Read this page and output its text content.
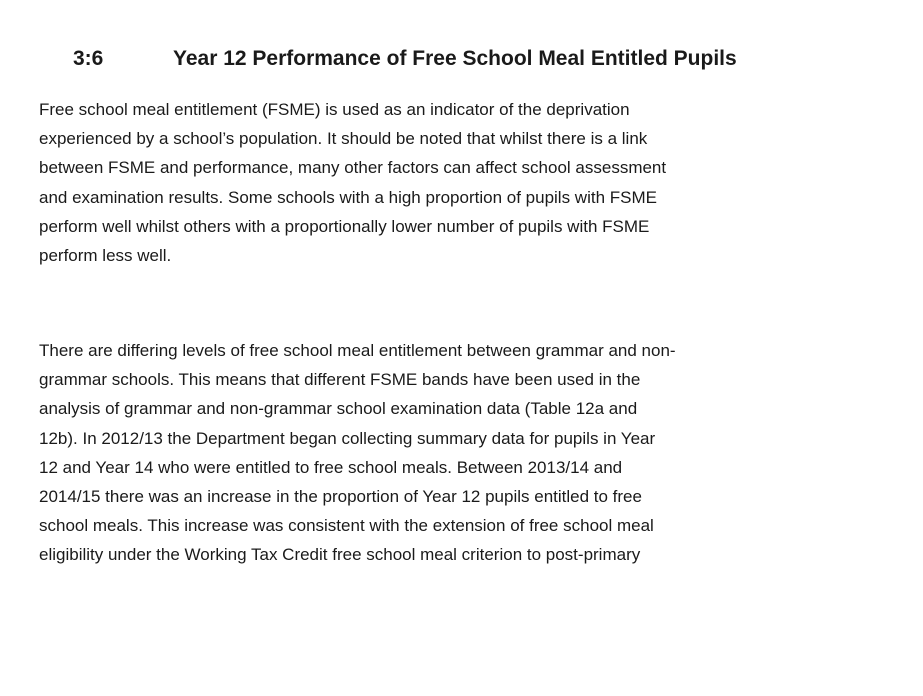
3:6	Year 12 Performance of Free School Meal Entitled Pupils

Free school meal entitlement (FSME) is used as an indicator of the deprivation
experienced by a school’s population. It should be noted that whilst there is a link
between FSME and performance, many other factors can affect school assessment
and examination results. Some schools with a high proportion of pupils with FSME
perform well whilst others with a proportionally lower number of pupils with FSME
perform less well.

There are differing levels of free school meal entitlement between grammar and non-
grammar schools. This means that different FSME bands have been used in the
analysis of grammar and non-grammar school examination data (Table 12a and
12b). In 2012/13 the Department began collecting summary data for pupils in Year
12 and Year 14 who were entitled to free school meals. Between 2013/14 and
2014/15 there was an increase in the proportion of Year 12 pupils entitled to free
school meals. This increase was consistent with the extension of free school meal
eligibility under the Working Tax Credit free school meal criterion to post-primary
